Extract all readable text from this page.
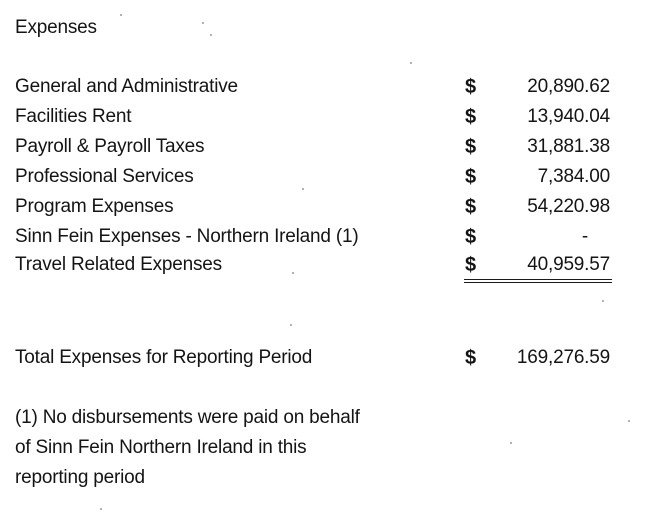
Expenses
General and Administrative	$	20,890.62
Facilities Rent	$	13,940.04
Payroll & Payroll Taxes	$	31,881.38
Professional Services	$	7,384.00
Program Expenses	$	54,220.98
Sinn Fein Expenses - Northern Ireland (1)	$	-
Travel Related Expenses	$	40,959.57
Total Expenses for Reporting Period	$ 169,276.59
(1) No disbursements were paid on behalf
of Sinn Fein Northern Ireland in this
reporting period
